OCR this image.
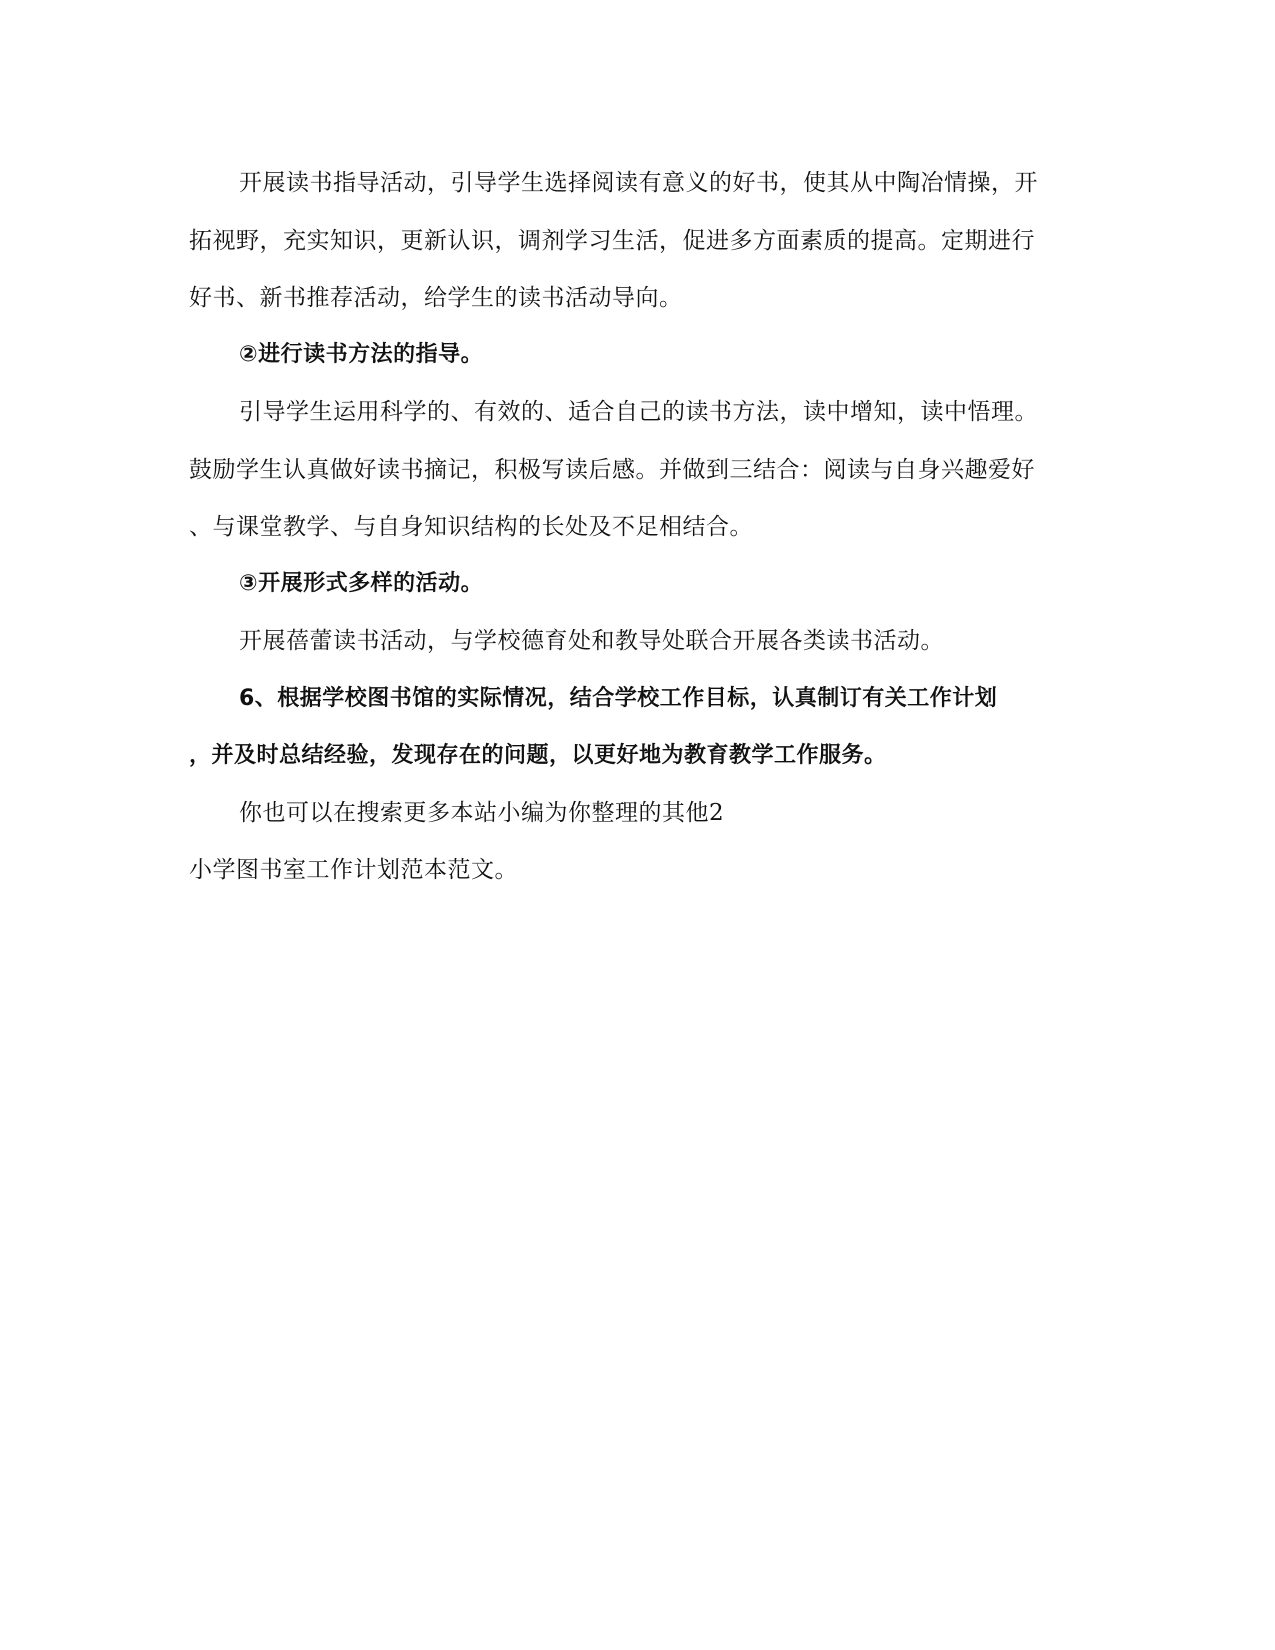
开展读书指导活动，引导学生选择阅读有意义的好书，使其从中陶冶情操，开
拓视野，充实知识，更新认识，调剂学习生活，促进多方面素质的提高。定期进行
好书、新书推荐活动，给学生的读书活动导向。
②进行读书方法的指导。
引导学生运用科学的、有效的、适合自己的读书方法，读中增知，读中悟理。
鼓励学生认真做好读书摘记，积极写读后感。并做到三结合：阅读与自身兴趣爱好
、与课堂教学、与自身知识结构的长处及不足相结合。
③开展形式多样的活动。
开展蓓蕾读书活动，与学校德育处和教导处联合开展各类读书活动。
6、根据学校图书馆的实际情况，结合学校工作目标，认真制订有关工作计划
，并及时总结经验，发现存在的问题，以更好地为教育教学工作服务。
你也可以在搜索更多本站小编为你整理的其他2
小学图书室工作计划范本范文。
